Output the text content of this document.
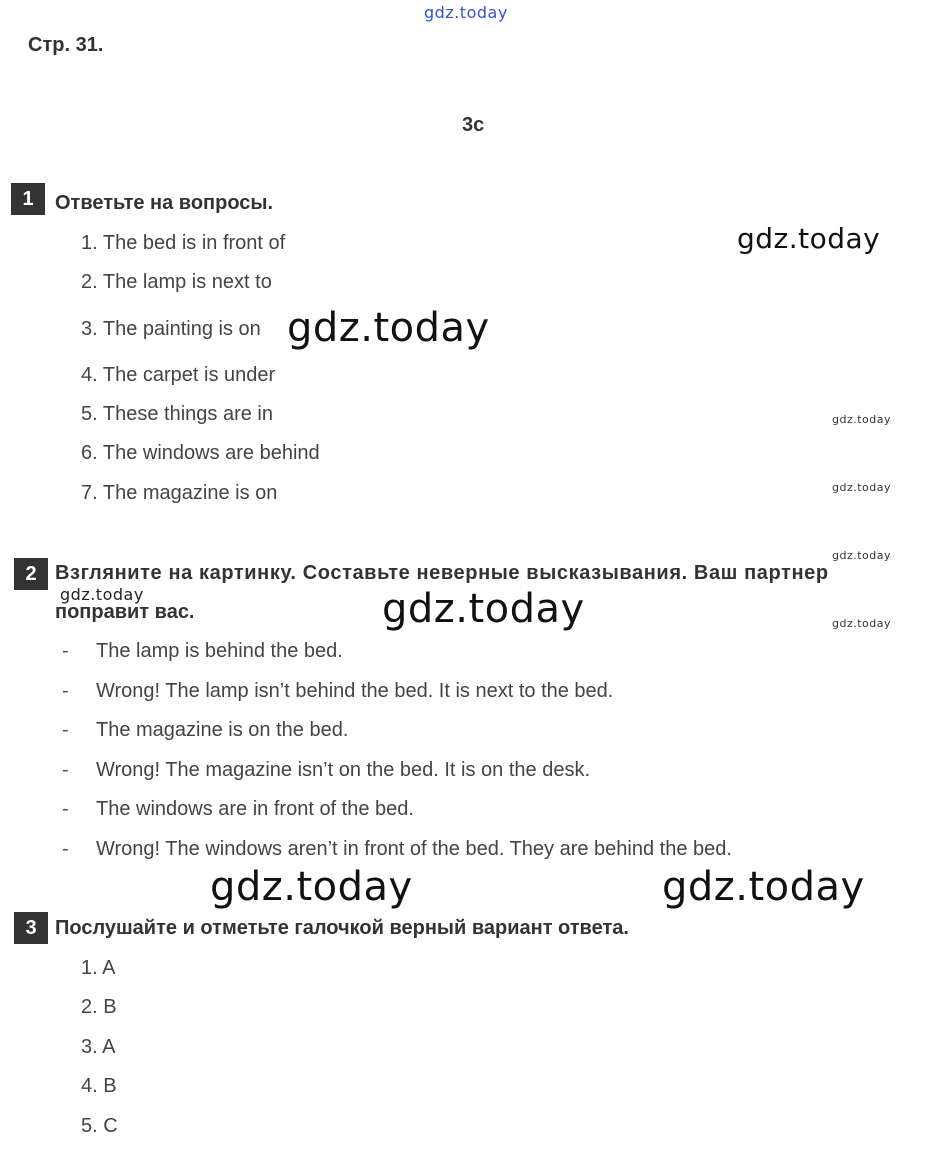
gdz.today
Стр. 31.
3c
1	Ответьте на вопросы.
1. The bed is in front of
2. The lamp is next to
3. The painting is on
4. The carpet is under
5. These things are in
6. The windows are behind
7. The magazine is on
2 Взгляните на картинку. Составьте неверные высказывания. Ваш партнер
поправит вас.
- The lamp is behind the bed.
- Wrong! The lamp isn’t behind the bed. It is next to the bed.
- The magazine is on the bed.
- Wrong! The magazine isn’t on the bed. It is on the desk.
- The windows are in front of the bed.
- Wrong! The windows aren’t in front of the bed. They are behind the bed.
3 Послушайте и отметьте галочкой верный вариант ответа.
1. A
2. B
3. A
4. B
5. C
gdz.today
gdz.today
gdz.today
gdz.today
gdz.today
gdz.today	gdz.today	gdz.today
gdz.today	gdz.today
